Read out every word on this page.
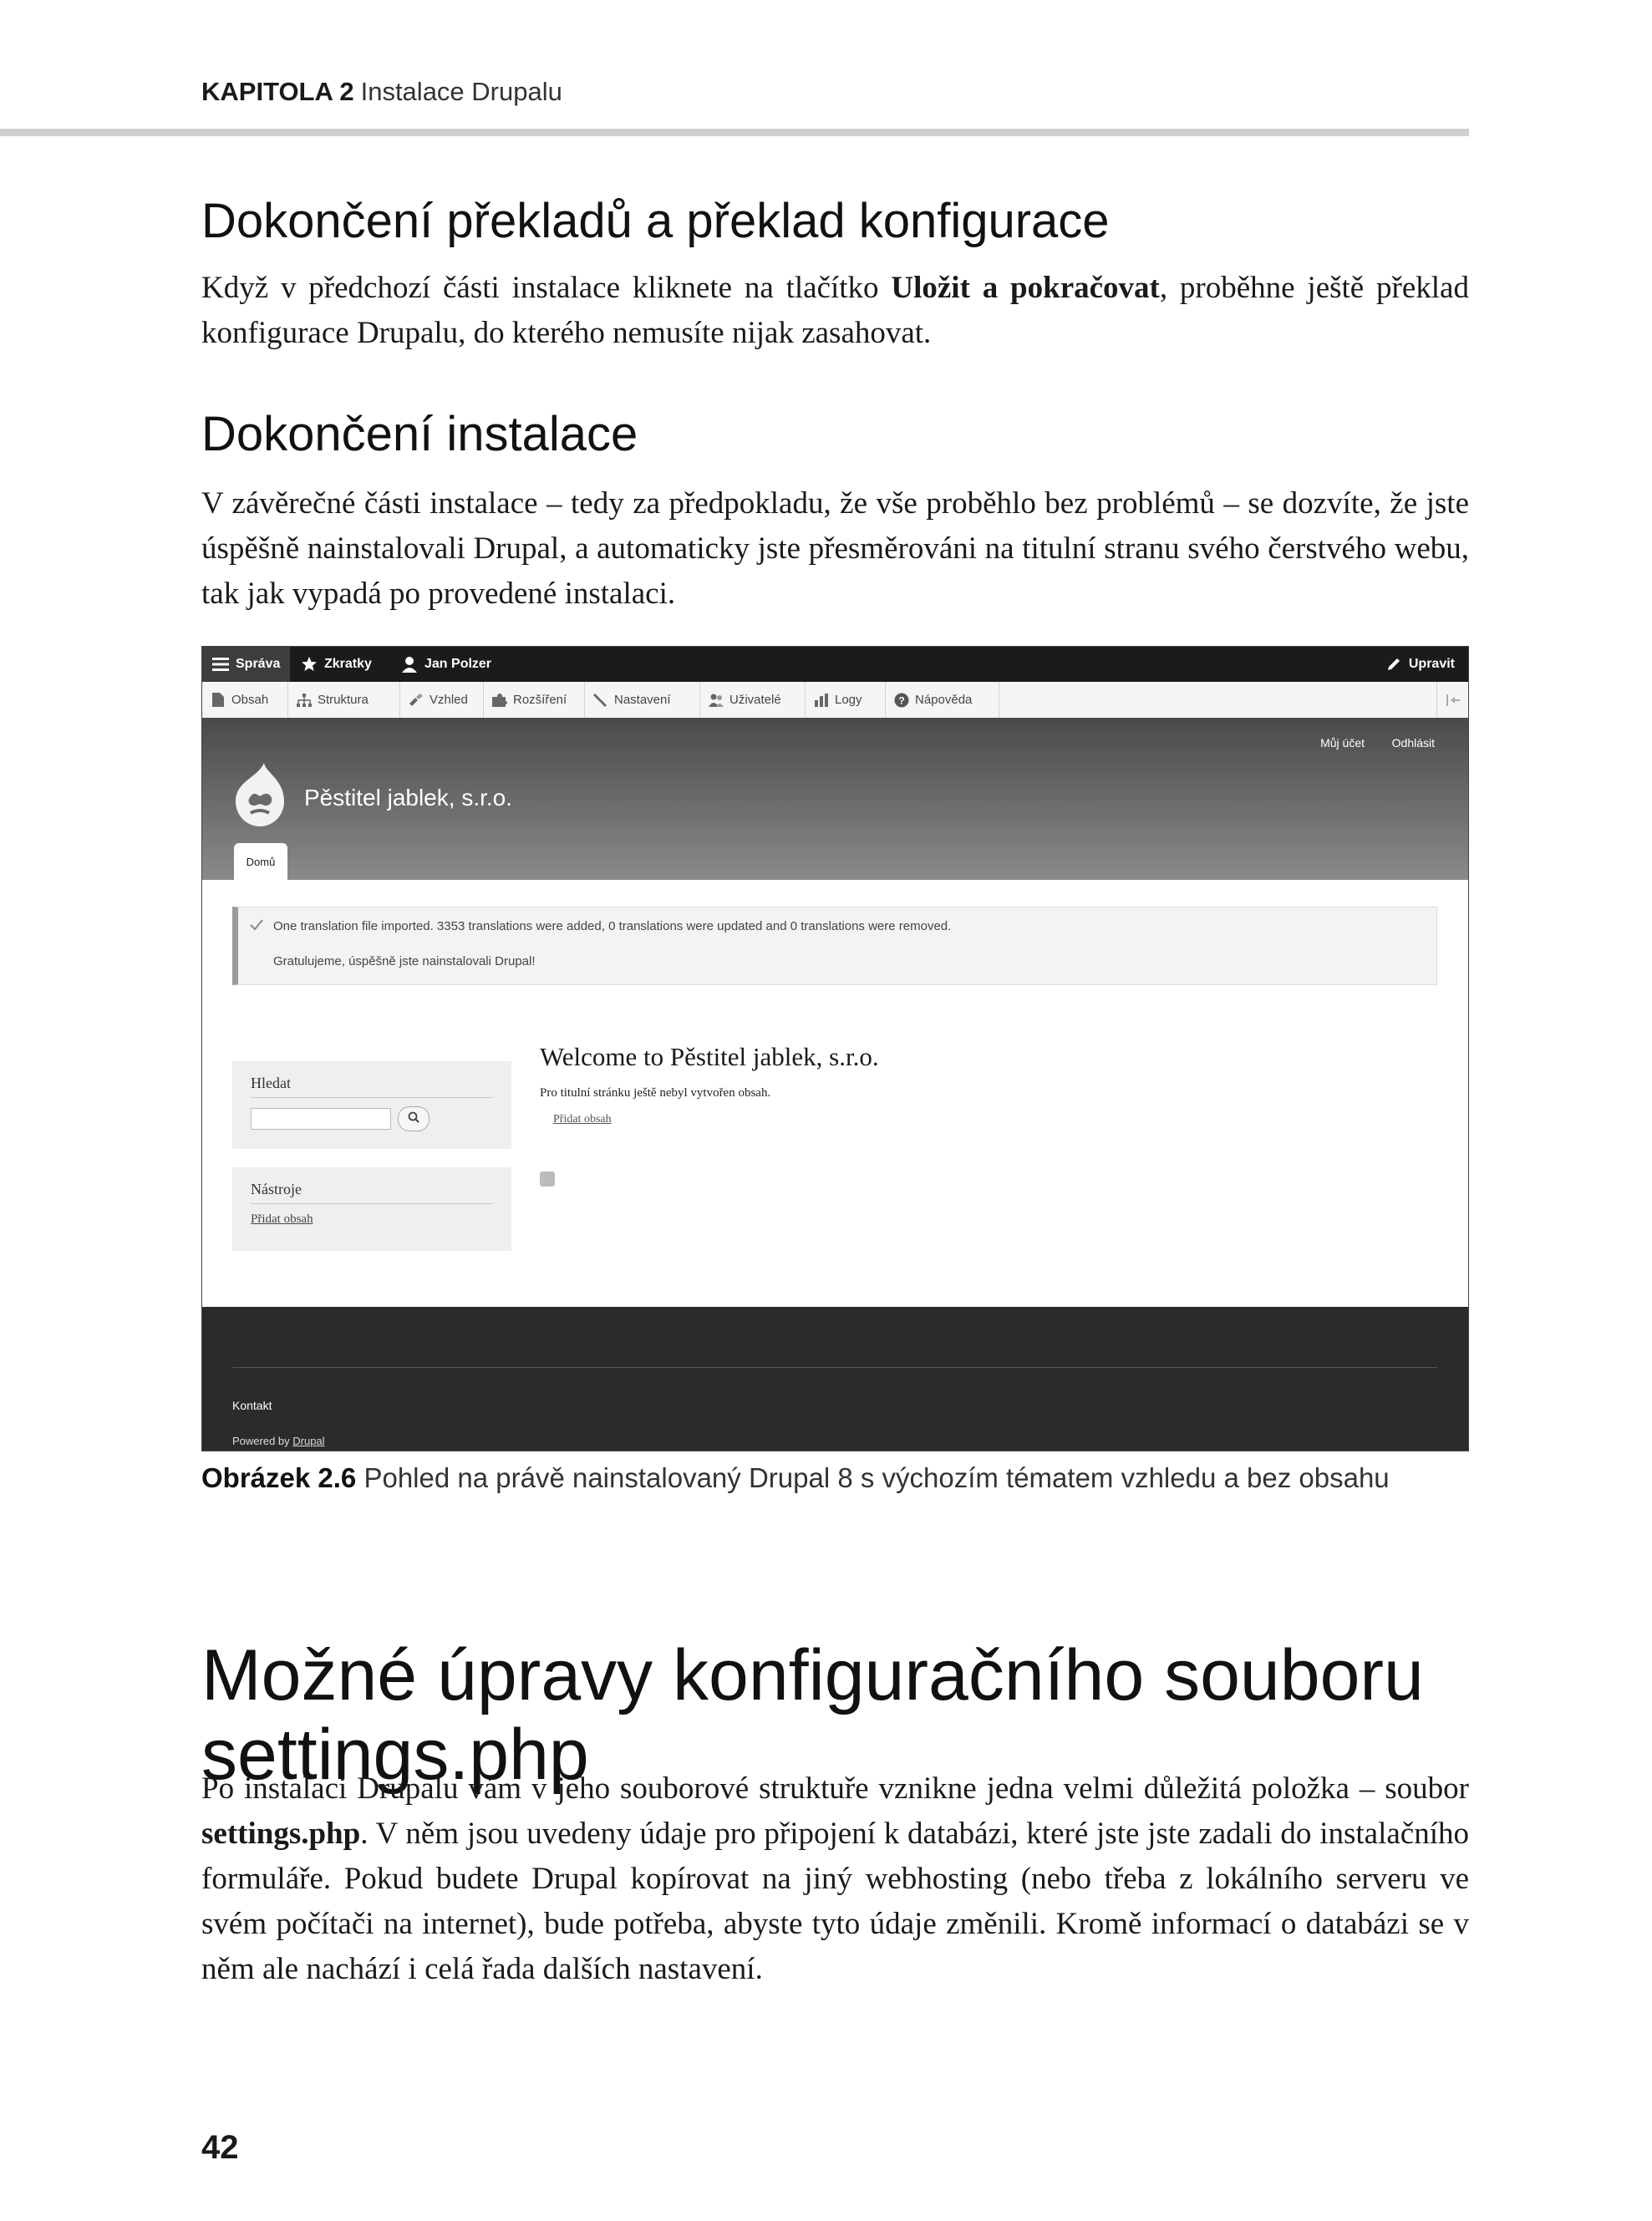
KAPITOLA 2 Instalace Drupalu
Dokončení překladů a překlad konfigurace

Když v předchozí části instalace kliknete na tlačítko Uložit a pokračovat, proběhne ještě překlad konfigurace Drupalu, do kterého nemusíte nijak zasahovat.

Dokončení instalace

V závěrečné části instalace – tedy za předpokladu, že vše proběhlo bez problémů – se dozvíte, že jste úspěšně nainstalovali Drupal, a automaticky jste přesměrováni na titulní stranu svého čerstvého webu, tak jak vypadá po provedené instalaci.

Správa	Zkratky	Jan Polzer	Upravit
Obsah	Struktura	Vzhled	Rozšíření	Nastavení	Uživatelé	Logy	? Nápověda
Můj účet Odhlásit
Pěstitel jablek, s.r.o.
Domů
One translation file imported. 3353 translations were added, 0 translations were updated and 0 translations were removed.
Gratulujeme, úspěšně jste nainstalovali Drupal!
Hledat
Nástroje
Přidat obsah
Welcome to Pěstitel jablek, s.r.o.
Pro titulní stránku ještě nebyl vytvořen obsah.
Přidat obsah
Kontakt
Powered by Drupal
Obrázek 2.6 Pohled na právě nainstalovaný Drupal 8 s výchozím tématem vzhledu a bez obsahu
Možné úpravy konfiguračního souboru settings.php

Po instalaci Drupalu vám v jeho souborové struktuře vznikne jedna velmi důležitá položka – soubor settings.php. V něm jsou uvedeny údaje pro připojení k databázi, které jste jste zadali do instalačního formuláře. Pokud budete Drupal kopírovat na jiný webhosting (nebo třeba z lokálního serveru ve svém počítači na internet), bude potřeba, abyste tyto údaje změnili. Kromě informací o databázi se v něm ale nachází i celá řada dalších nastavení.

42
